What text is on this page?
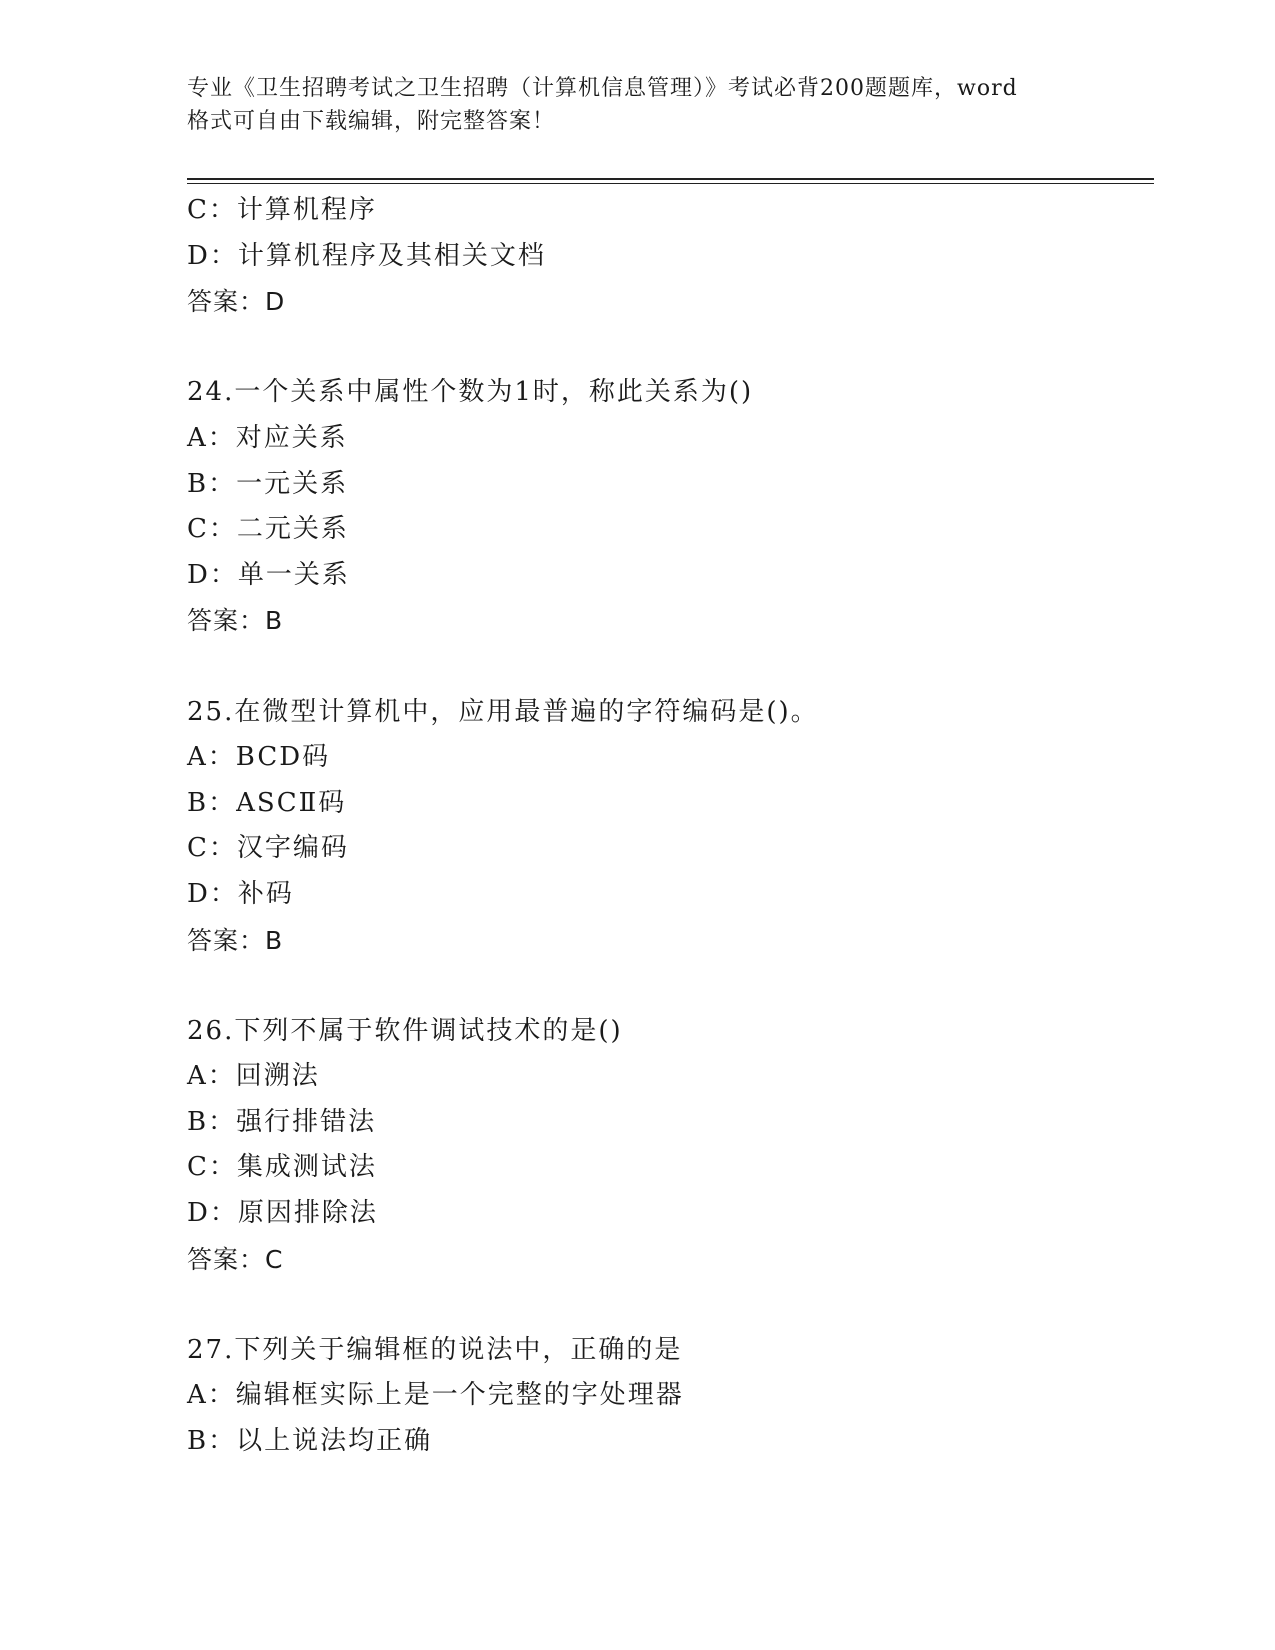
专业《卫生招聘考试之卫生招聘（计算机信息管理）》考试必背200题题库，word
格式可自由下载编辑，附完整答案！
C：计算机程序
D：计算机程序及其相关文档
答案：D
24.一个关系中属性个数为1时，称此关系为()
A：对应关系
B：一元关系
C：二元关系
D：单一关系
答案：B
25.在微型计算机中，应用最普遍的字符编码是()。
A：BCD码
B：ASCⅡ码
C：汉字编码
D：补码
答案：B
26.下列不属于软件调试技术的是()
A：回溯法
B：强行排错法
C：集成测试法
D：原因排除法
答案：C
27.下列关于编辑框的说法中，正确的是
A：编辑框实际上是一个完整的字处理器
B：以上说法均正确
